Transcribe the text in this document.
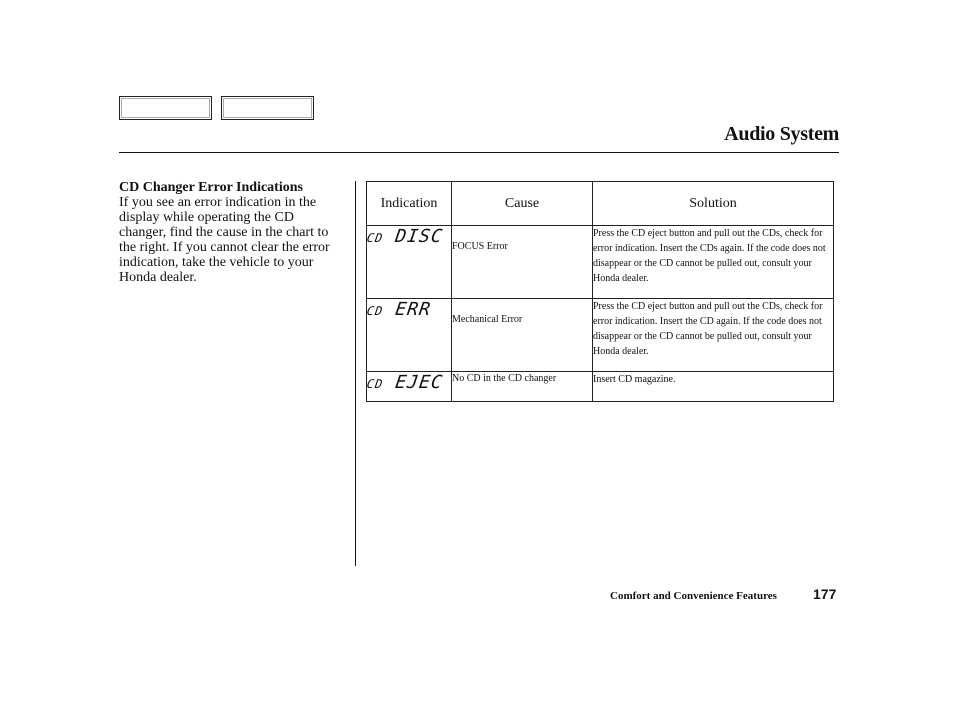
Audio System
CD Changer Error Indications
If you see an error indication in the display while operating the CD changer, find the cause in the chart to the right. If you cannot clear the error indication, take the vehicle to your Honda dealer.
Indication	Cause	Solution
CD DISC	FOCUS Error	Press the CD eject button and pull out the CDs, check for error indication. Insert the CDs again. If the code does not disappear or the CD cannot be pulled out, consult your Honda dealer.
CD ERR	Mechanical Error	Press the CD eject button and pull out the CDs, check for error indication. Insert the CD again. If the code does not disappear or the CD cannot be pulled out, consult your Honda dealer.
CD EJEC	No CD in the CD changer	Insert CD magazine.
Comfort and Convenience Features	177
